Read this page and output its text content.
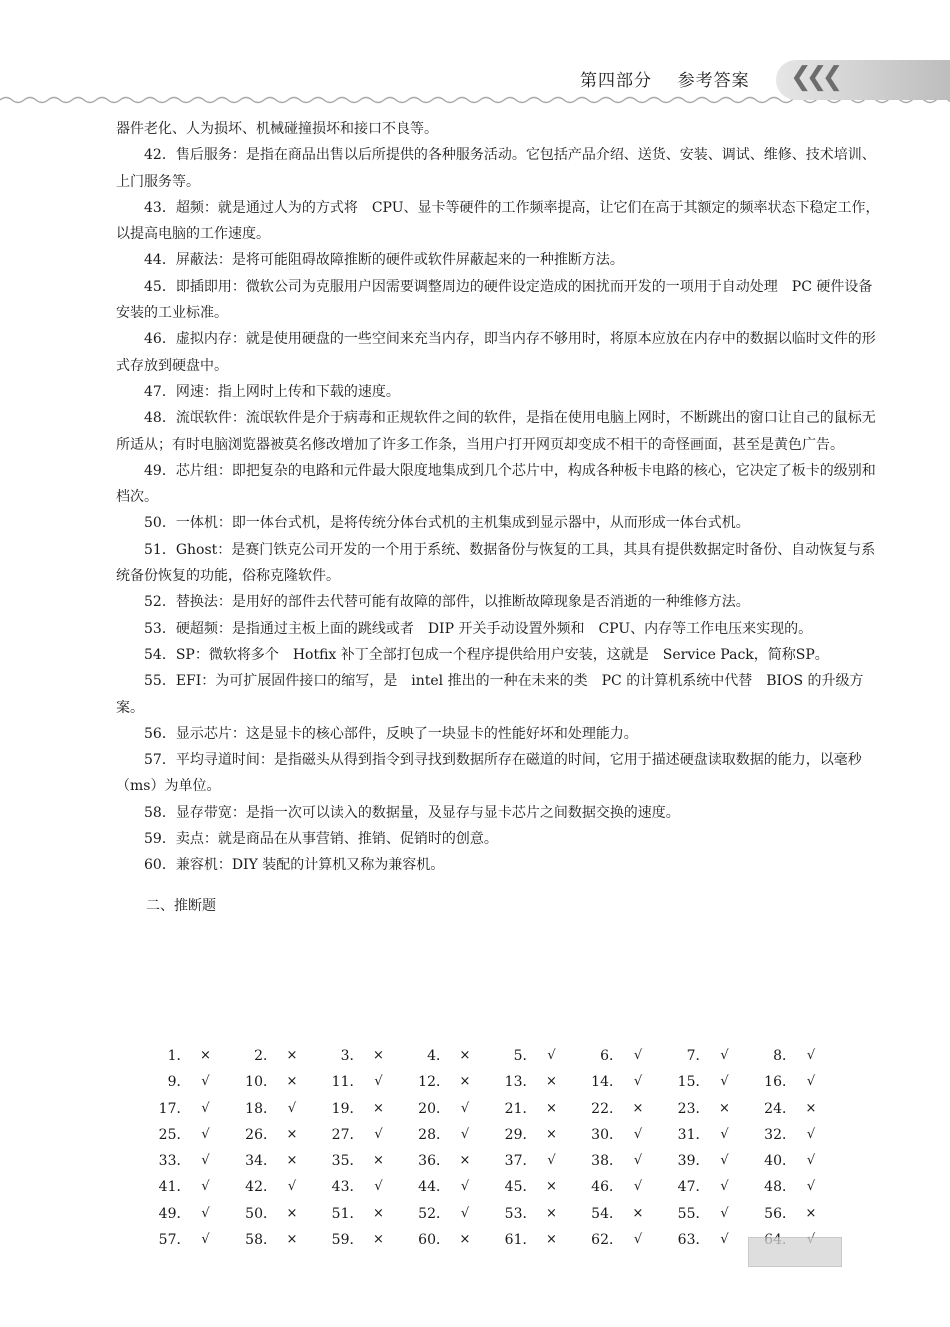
第四部分    参考答案 ❮❮❮

器件老化、人为损坏、机械碰撞损坏和接口不良等。

42．售后服务：是指在商品出售以后所提供的各种服务活动。它包括产品介绍、送货、安装、调试、维修、技术培训、上门服务等。

43．超频：就是通过人为的方式将　CPU、显卡等硬件的工作频率提高，让它们在高于其额定的频率状态下稳定工作，以提高电脑的工作速度。

44．屏蔽法：是将可能阻碍故障推断的硬件或软件屏蔽起来的一种推断方法。

45．即插即用：微软公司为克服用户因需要调整周边的硬件设定造成的困扰而开发的一项用于自动处理　PC 硬件设备安装的工业标准。

46．虚拟内存：就是使用硬盘的一些空间来充当内存，即当内存不够用时，将原本应放在内存中的数据以临时文件的形式存放到硬盘中。

47．网速：指上网时上传和下载的速度。

48．流氓软件：流氓软件是介于病毒和正规软件之间的软件，是指在使用电脑上网时，不断跳出的窗口让自己的鼠标无所适从；有时电脑浏览器被莫名修改增加了许多工作条，当用户打开网页却变成不相干的奇怪画面，甚至是黄色广告。

49．芯片组：即把复杂的电路和元件最大限度地集成到几个芯片中，构成各种板卡电路的核心，它决定了板卡的级别和档次。

50．一体机：即一体台式机，是将传统分体台式机的主机集成到显示器中，从而形成一体台式机。

51．Ghost：是赛门铁克公司开发的一个用于系统、数据备份与恢复的工具，其具有提供数据定时备份、自动恢复与系统备份恢复的功能，俗称克隆软件。

52．替换法：是用好的部件去代替可能有故障的部件，以推断故障现象是否消逝的一种维修方法。

53．硬超频：是指通过主板上面的跳线或者　DIP 开关手动设置外频和　CPU、内存等工作电压来实现的。

54．SP：微软将多个　Hotfix 补丁全部打包成一个程序提供给用户安装，这就是　Service Pack，简称SP。

55．EFI：为可扩展固件接口的缩写，是　intel 推出的一种在未来的类　PC 的计算机系统中代替　BIOS 的升级方案。

56．显示芯片：这是显卡的核心部件，反映了一块显卡的性能好坏和处理能力。

57．平均寻道时间：是指磁头从得到指令到寻找到数据所存在磁道的时间，它用于描述硬盘读取数据的能力，以毫秒（ms）为单位。

58．显存带宽：是指一次可以读入的数据量，及显存与显卡芯片之间数据交换的速度。

59．卖点：就是商品在从事营销、推销、促销时的创意。

60．兼容机：DIY 装配的计算机又称为兼容机。

二、推断题

1． ×	2． ×	3． ×	4． ×	5． √	6． √	7． √	8． √
9． √	10． × 11． √	12． × 13． × 14． √	15． √	16． √
17． √	18． √	19． × 20． √	21． × 22． × 23． × 24． ×
25． √	26． × 27． √	28． √	29． × 30． √	31． √	32． √
33． √	34． × 35． × 36． × 37． √	38． √	39． √	40． √
41． √	42． √	43． √	44． √	45． × 46． √	47． √	48． √
49． √	50． × 51． × 52． √	53． × 54． × 55． √	56． ×
57． √	58． × 59． × 60． × 61． × 62． √	63． √
